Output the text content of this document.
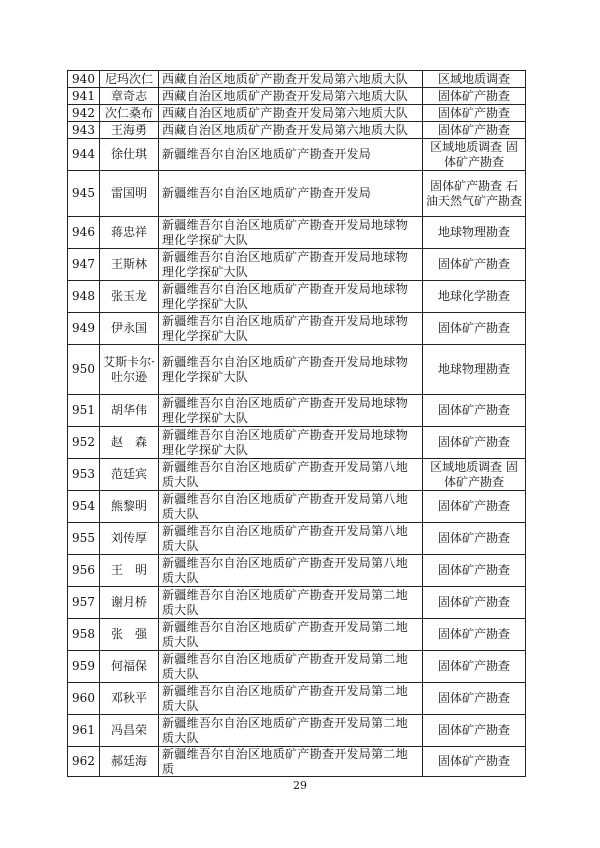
940	尼玛次仁	西藏自治区地质矿产勘查开发局第六地质大队	区域地质调查
941	章奇志	西藏自治区地质矿产勘查开发局第六地质大队	固体矿产勘查
942	次仁桑布	西藏自治区地质矿产勘查开发局第六地质大队	固体矿产勘查
943	王海勇	西藏自治区地质矿产勘查开发局第六地质大队	固体矿产勘查
944	徐仕琪	新疆维吾尔自治区地质矿产勘查开发局	区域地质调查 固体矿产勘查
945	雷国明	新疆维吾尔自治区地质矿产勘查开发局	固体矿产勘查 石油天然气矿产勘查
946	蒋忠祥	新疆维吾尔自治区地质矿产勘查开发局地球物理化学探矿大队	地球物理勘查
947	王斯林	新疆维吾尔自治区地质矿产勘查开发局地球物理化学探矿大队	固体矿产勘查
948	张玉龙	新疆维吾尔自治区地质矿产勘查开发局地球物理化学探矿大队	地球化学勘查
949	伊永国	新疆维吾尔自治区地质矿产勘查开发局地球物理化学探矿大队	固体矿产勘查
950	艾斯卡尔·吐尔逊	新疆维吾尔自治区地质矿产勘查开发局地球物理化学探矿大队	地球物理勘查
951	胡华伟	新疆维吾尔自治区地质矿产勘查开发局地球物理化学探矿大队	固体矿产勘查
952	赵　森	新疆维吾尔自治区地质矿产勘查开发局地球物理化学探矿大队	固体矿产勘查
953	范廷宾	新疆维吾尔自治区地质矿产勘查开发局第八地质大队	区域地质调查 固体矿产勘查
954	熊黎明	新疆维吾尔自治区地质矿产勘查开发局第八地质大队	固体矿产勘查
955	刘传厚	新疆维吾尔自治区地质矿产勘查开发局第八地质大队	固体矿产勘查
956	王　明	新疆维吾尔自治区地质矿产勘查开发局第八地质大队	固体矿产勘查
957	谢月桥	新疆维吾尔自治区地质矿产勘查开发局第二地质大队	固体矿产勘查
958	张　强	新疆维吾尔自治区地质矿产勘查开发局第二地质大队	固体矿产勘查
959	何福保	新疆维吾尔自治区地质矿产勘查开发局第二地质大队	固体矿产勘查
960	邓秋平	新疆维吾尔自治区地质矿产勘查开发局第二地质大队	固体矿产勘查
961	冯昌荣	新疆维吾尔自治区地质矿产勘查开发局第二地质大队	固体矿产勘查
962	郝廷海	新疆维吾尔自治区地质矿产勘查开发局第二地质	固体矿产勘查
29
